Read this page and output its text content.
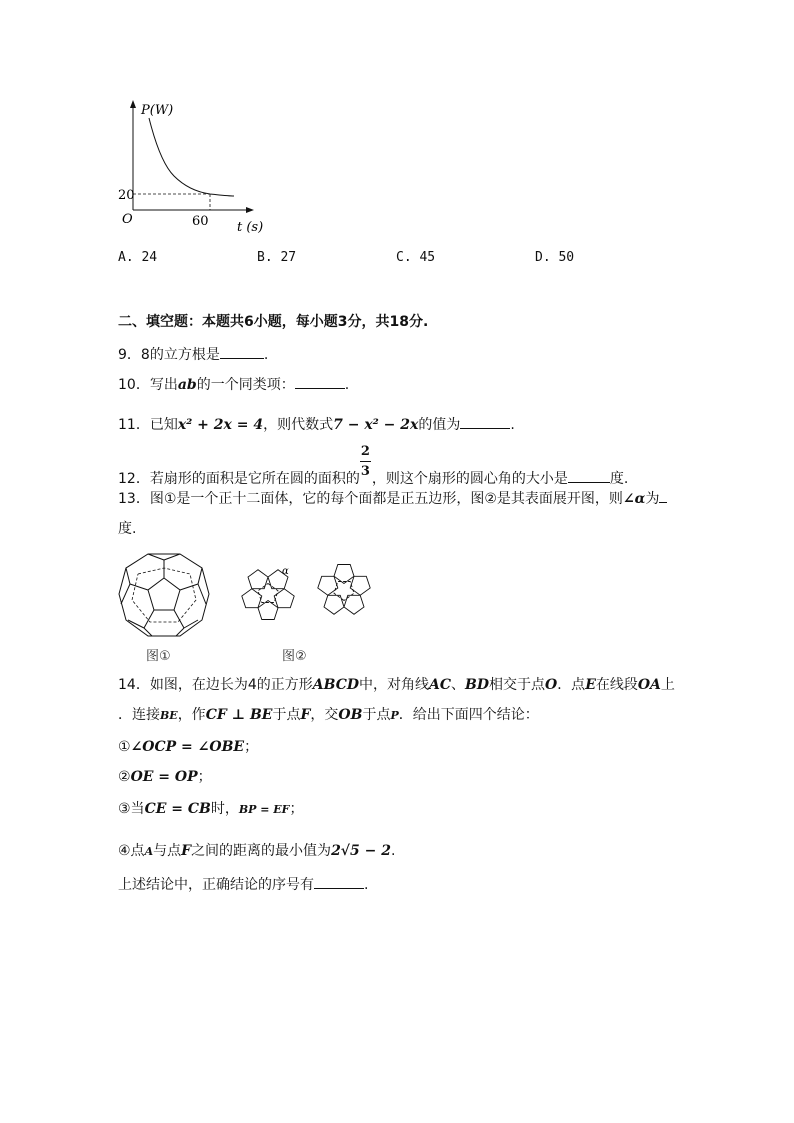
P(W)
20
O	60 t (s)
A. 24	B. 27	C. 45	D. 50
二、填空题：本题共6小题，每小题3分，共18分.
9．8的立方根是	.
10．写出ab的一个同类项：	.
11．已知x² + 2x = 4，则代数式7 − x² − 2x的值为	.
12．若扇形的面积是它所在圆的面积的 $\frac{2}{3}$ ，则这个扇形的圆心角的大小是	度.
13．图①是一个正十二面体，它的每个面都是正五边形，图②是其表面展开图，则∠α为
度.
图①
α
图②
14．如图，在边长为4的正方形ABCD中，对角线AC、BD相交于点O．点E在线段OA上
．连接BE，作CF ⊥ BE于点F，交OB于点P．给出下面四个结论：
①∠OCP = ∠OBE；
②OE = OP；
③当CE = CB时，BP = EF；
④点A与点F之间的距离的最小值为2√5 − 2.
上述结论中，正确结论的序号有	.
